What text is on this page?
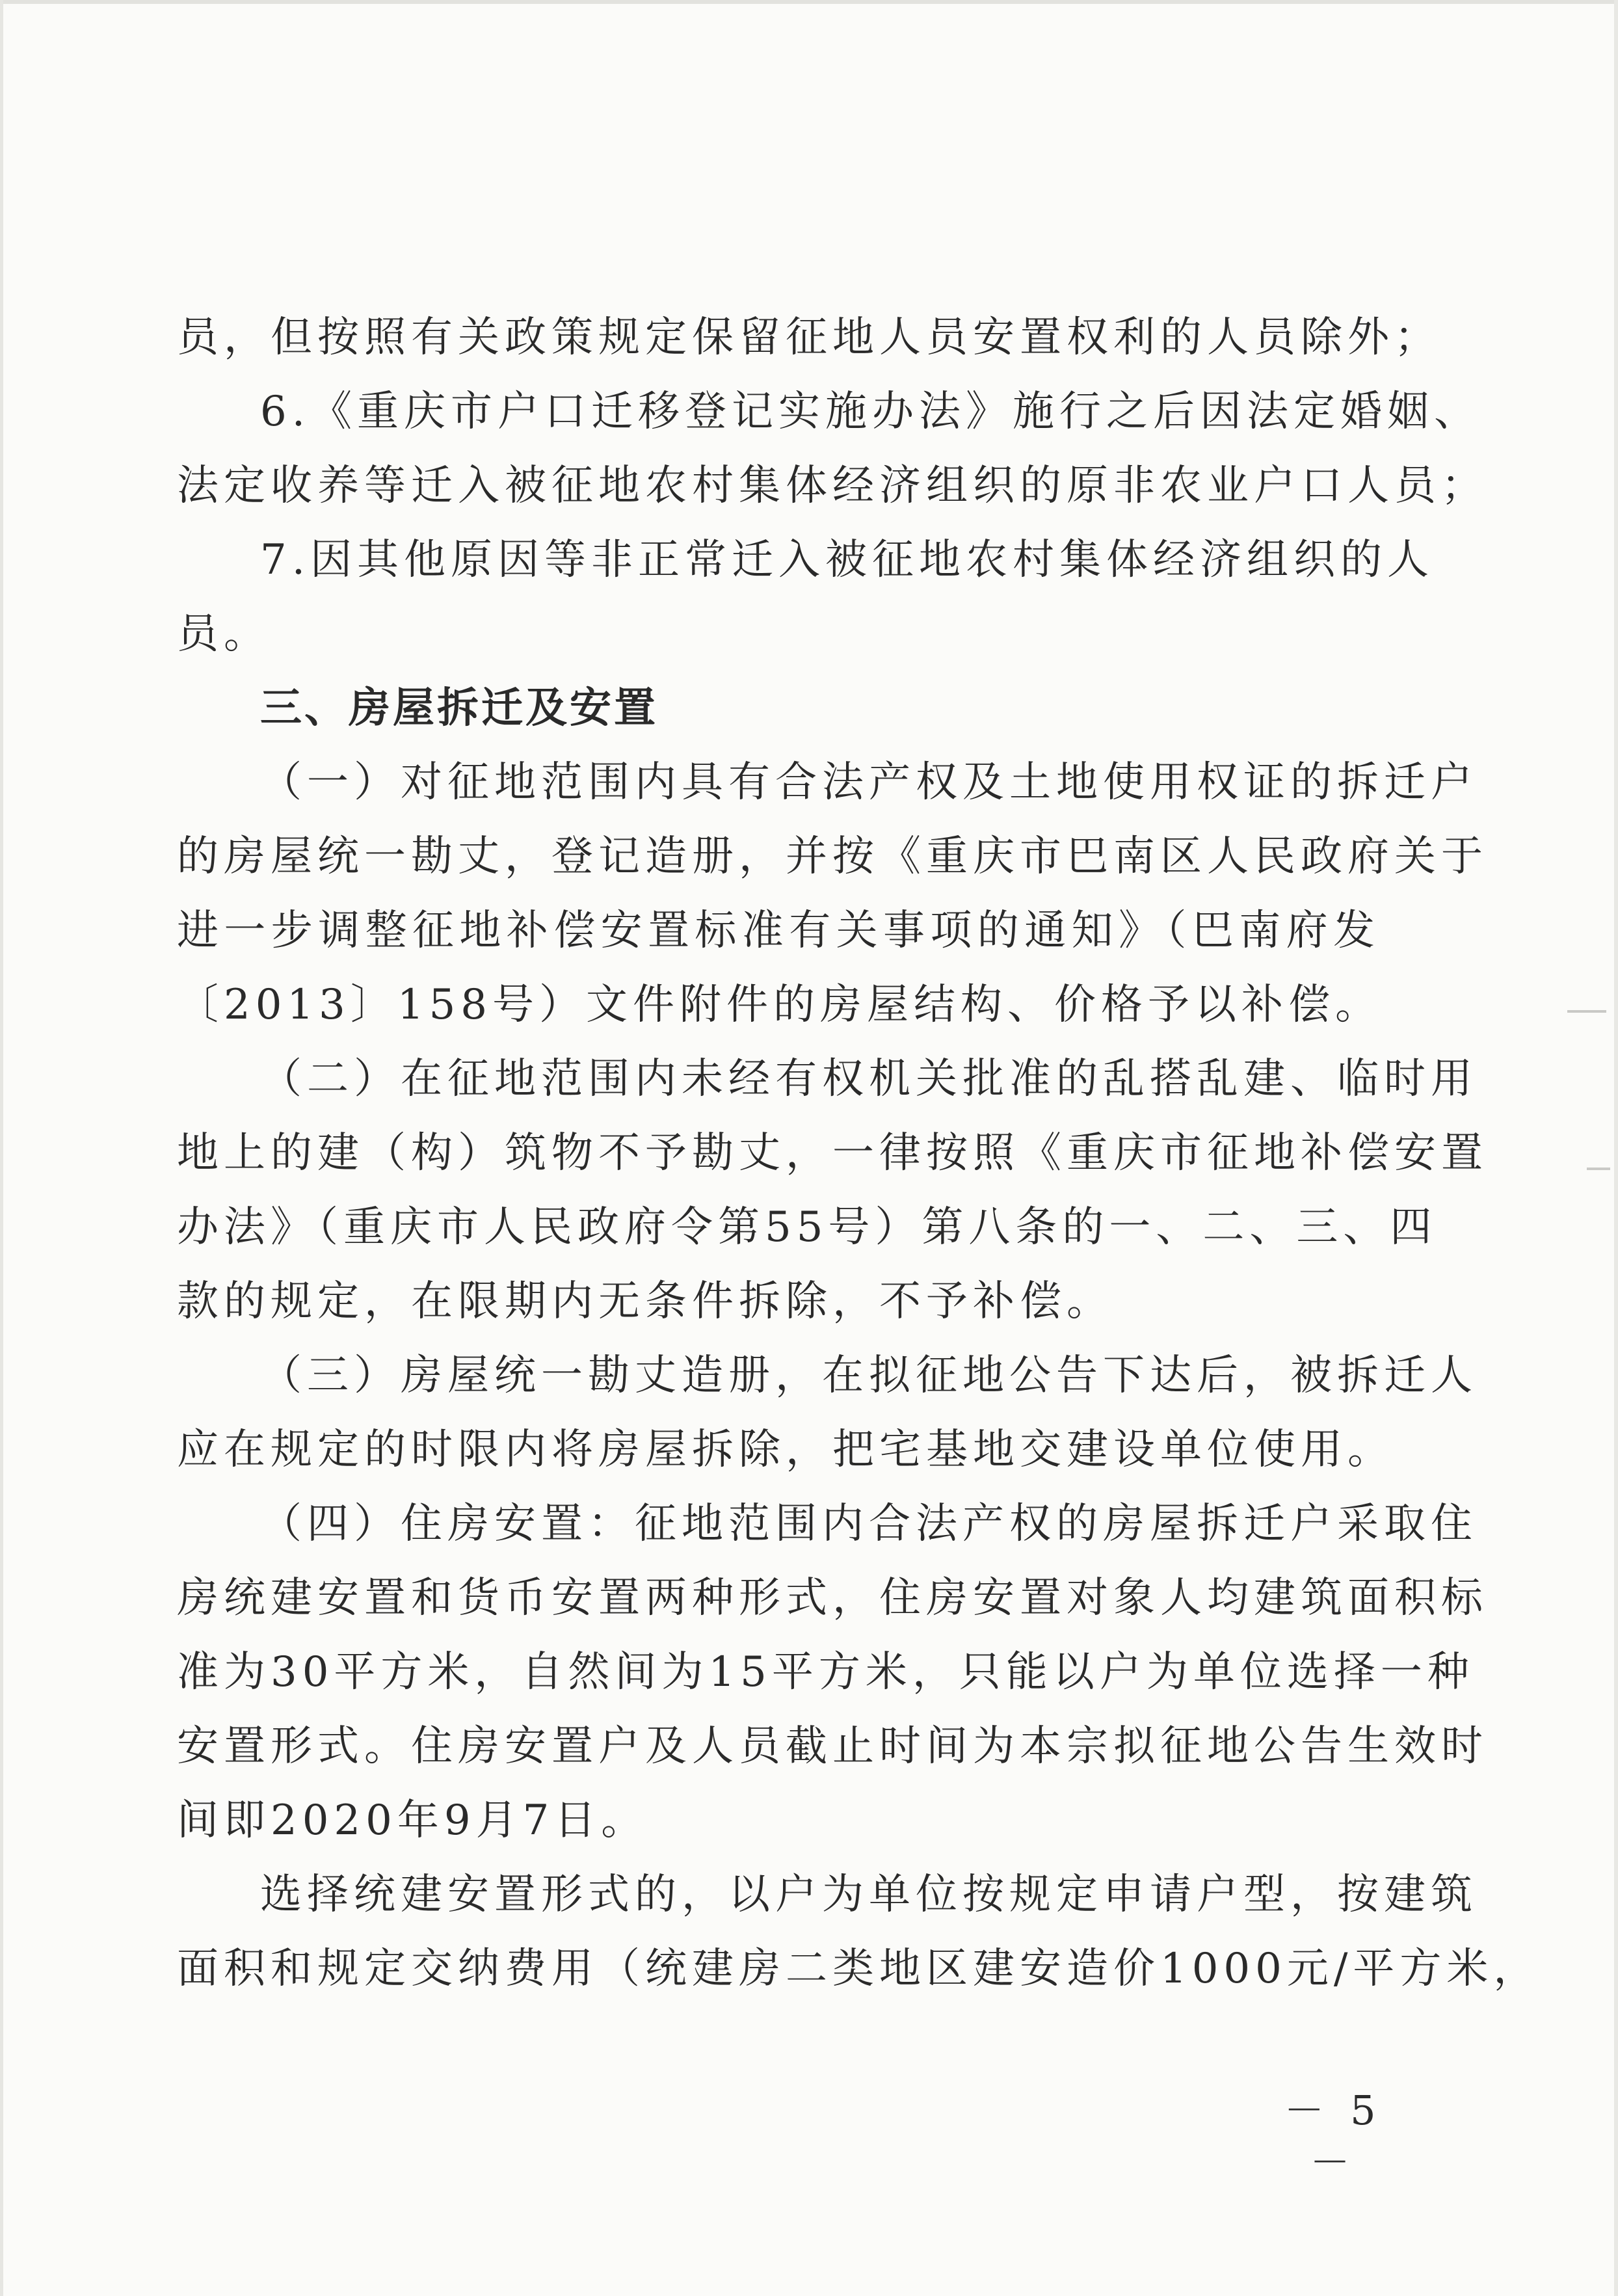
员，但按照有关政策规定保留征地人员安置权利的人员除外；
6.《重庆市户口迁移登记实施办法》施行之后因法定婚姻、
法定收养等迁入被征地农村集体经济组织的原非农业户口人员；
7.因其他原因等非正常迁入被征地农村集体经济组织的人
员。
三、房屋拆迁及安置
（一）对征地范围内具有合法产权及土地使用权证的拆迁户
的房屋统一勘丈，登记造册，并按《重庆市巴南区人民政府关于
进一步调整征地补偿安置标准有关事项的通知》（巴南府发
〔2013〕158号）文件附件的房屋结构、价格予以补偿。
（二）在征地范围内未经有权机关批准的乱搭乱建、临时用
地上的建（构）筑物不予勘丈，一律按照《重庆市征地补偿安置
办法》（重庆市人民政府令第55号）第八条的一、二、三、四
款的规定，在限期内无条件拆除，不予补偿。
（三）房屋统一勘丈造册，在拟征地公告下达后，被拆迁人
应在规定的时限内将房屋拆除，把宅基地交建设单位使用。
（四）住房安置：征地范围内合法产权的房屋拆迁户采取住
房统建安置和货币安置两种形式，住房安置对象人均建筑面积标
准为30平方米，自然间为15平方米，只能以户为单位选择一种
安置形式。住房安置户及人员截止时间为本宗拟征地公告生效时
间即2020年9月7日。
选择统建安置形式的，以户为单位按规定申请户型，按建筑
面积和规定交纳费用（统建房二类地区建安造价1000元/平方米，
－ 5 －
